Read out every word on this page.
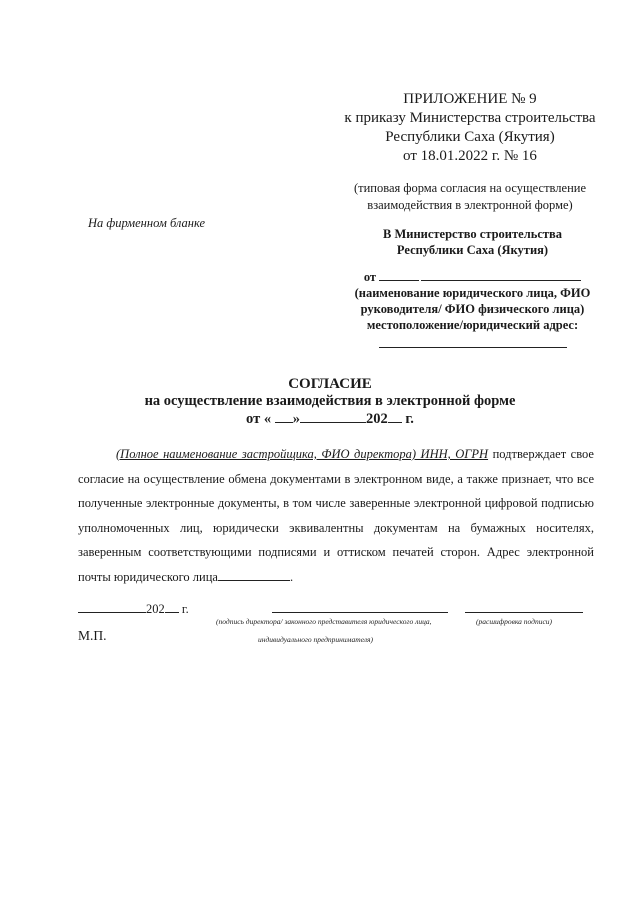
ПРИЛОЖЕНИЕ № 9
к приказу Министерства строительства
Республики Саха (Якутия)
от 18.01.2022 г. № 16
(типовая форма согласия на осуществление
взаимодействия в электронной форме)
На фирменном бланке
В Министерство строительства
Республики Саха (Якутия)
от
(наименование юридического лица, ФИО
руководителя/ ФИО физического лица)
местоположение/юридический адрес:
СОГЛАСИЕ
на осуществление взаимодействия в электронной форме
от « »	202 г.

(Полное наименование застройщика, ФИО директора) ИНН, ОГРН подтверждает свое согласие на осуществление обмена документами в электронном виде, а также признает, что все полученные электронные документы, в том числе заверенные электронной цифровой подписью уполномоченных лиц, юридически эквивалентны документам на бумажных носителях, заверенным соответствующими подписями и оттиском печатей сторон. Адрес электронной почты юридического лица	.

202 г.
(подпись директора/ законного представителя юридического лица,
индивидуального предпринимателя)
(расшифровка подписи)
М.П.
